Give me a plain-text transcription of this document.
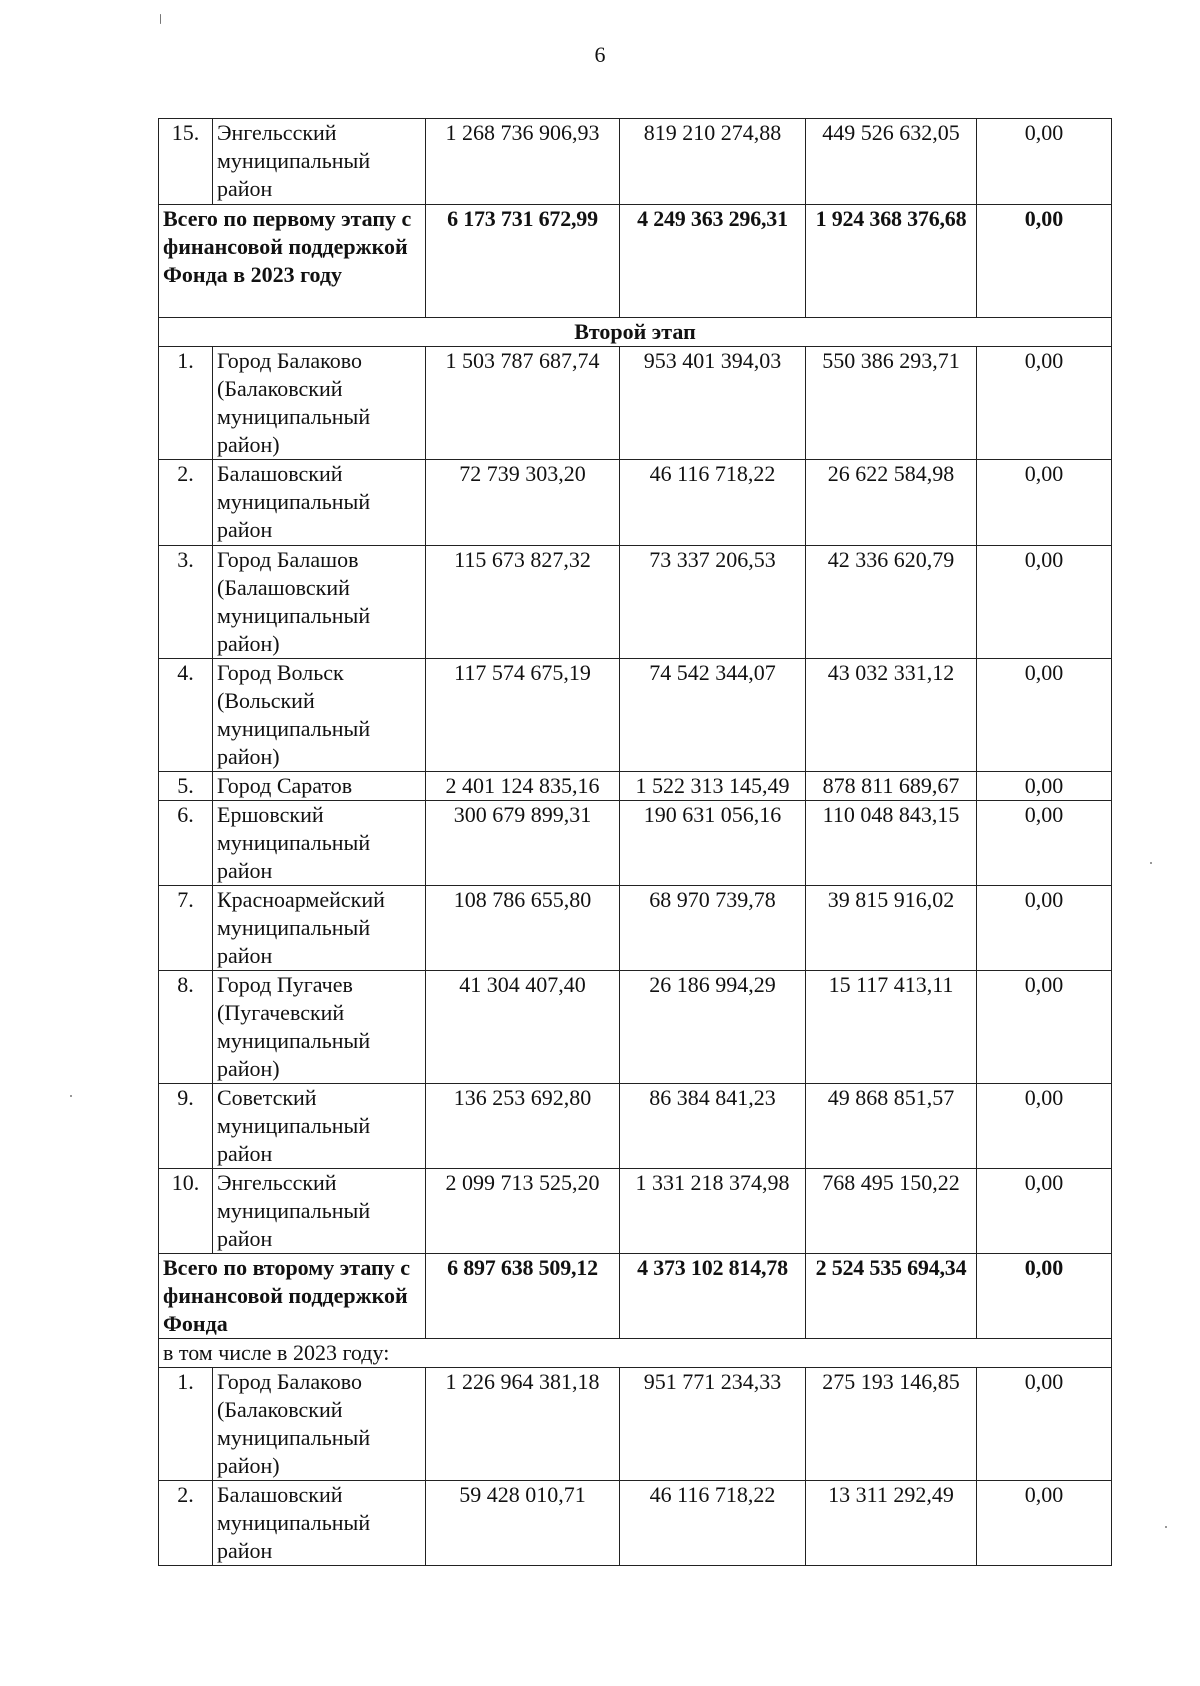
6
15.	Энгельсский муниципальный район	1 268 736 906,93	819 210 274,88	449 526 632,05	0,00
Всего по первому этапу с финансовой поддержкой Фонда в 2023 году		6 173 731 672,99	4 249 363 296,31	1 924 368 376,68	0,00
Второй этап					
1.	Город Балаково (Балаковский муниципальный район)	1 503 787 687,74	953 401 394,03	550 386 293,71	0,00
2.	Балашовский муниципальный район	72 739 303,20	46 116 718,22	26 622 584,98	0,00
3.	Город Балашов (Балашовский муниципальный район)	115 673 827,32	73 337 206,53	42 336 620,79	0,00
4.	Город Вольск (Вольский муниципальный район)	117 574 675,19	74 542 344,07	43 032 331,12	0,00
5.	Город Саратов	2 401 124 835,16	1 522 313 145,49	878 811 689,67	0,00
6.	Ершовский муниципальный район	300 679 899,31	190 631 056,16	110 048 843,15	0,00
7.	Красноармейский муниципальный район	108 786 655,80	68 970 739,78	39 815 916,02	0,00
8.	Город Пугачев (Пугачевский муниципальный район)	41 304 407,40	26 186 994,29	15 117 413,11	0,00
9.	Советский муниципальный район	136 253 692,80	86 384 841,23	49 868 851,57	0,00
10.	Энгельсский муниципальный район	2 099 713 525,20	1 331 218 374,98	768 495 150,22	0,00
Всего по второму этапу с финансовой поддержкой Фонда		6 897 638 509,12	4 373 102 814,78	2 524 535 694,34	0,00
в том числе в 2023 году:					
1.	Город Балаково (Балаковский муниципальный район)	1 226 964 381,18	951 771 234,33	275 193 146,85	0,00
2.	Балашовский муниципальный район	59 428 010,71	46 116 718,22	13 311 292,49	0,00
